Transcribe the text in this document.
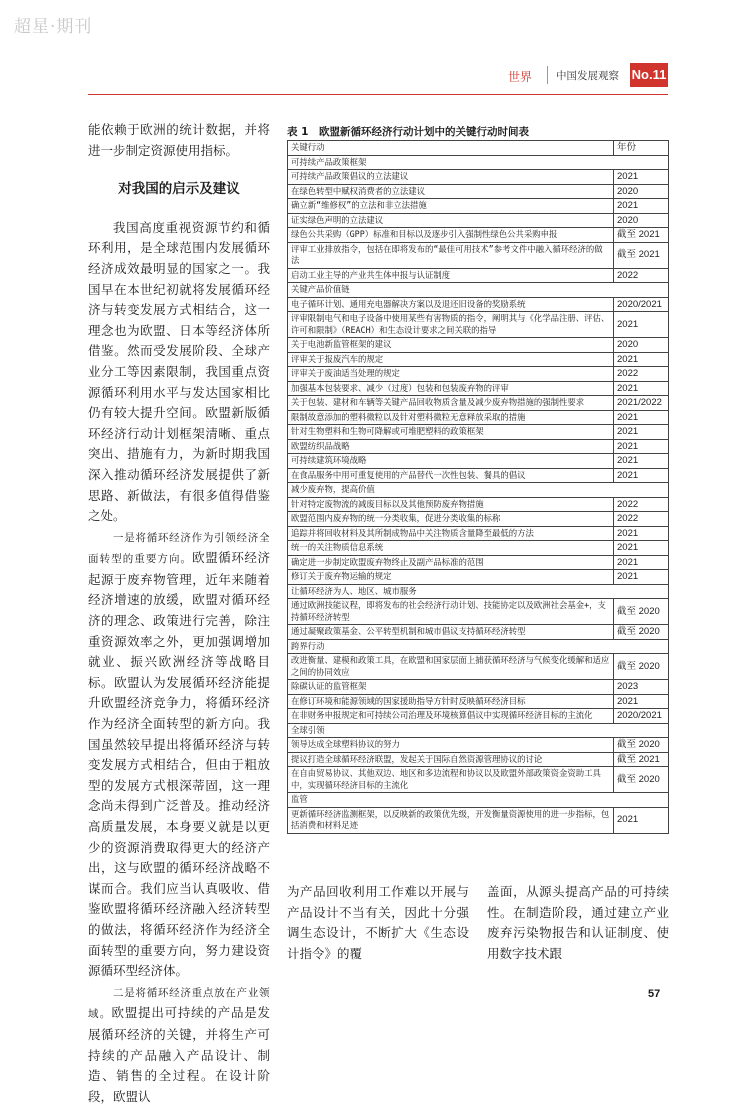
超星·期刊
世界 中国发展观察 No.11

能依赖于欧洲的统计数据，并将进一步制定资源使用指标。

对我国的启示及建议

我国高度重视资源节约和循环利用，是全球范围内发展循环经济成效最明显的国家之一。我国早在本世纪初就将发展循环经济与转变发展方式相结合，这一理念也为欧盟、日本等经济体所借鉴。然而受发展阶段、全球产业分工等因素限制，我国重点资源循环利用水平与发达国家相比仍有较大提升空间。欧盟新版循环经济行动计划框架清晰、重点突出、措施有力，为新时期我国深入推动循环经济发展提供了新思路、新做法，有很多值得借鉴之处。

一是将循环经济作为引领经济全面转型的重要方向。欧盟循环经济起源于废弃物管理，近年来随着经济增速的放缓，欧盟对循环经济的理念、政策进行完善，除注重资源效率之外，更加强调增加就业、振兴欧洲经济等战略目标。欧盟认为发展循环经济能提升欧盟经济竞争力，将循环经济作为经济全面转型的新方向。我国虽然较早提出将循环经济与转变发展方式相结合，但由于粗放型的发展方式根深蒂固，这一理念尚未得到广泛普及。推动经济高质量发展，本身要义就是以更少的资源消费取得更大的经济产出，这与欧盟的循环经济战略不谋而合。我们应当认真吸收、借鉴欧盟将循环经济融入经济转型的做法，将循环经济作为经济全面转型的重要方向，努力建设资源循环型经济体。

二是将循环经济重点放在产业领域。欧盟提出可持续的产品是发展循环经济的关键，并将生产可持续的产品融入产品设计、制造、销售的全过程。在设计阶段，欧盟认

表 1　欧盟新循环经济行动计划中的关键行动时间表
关键行动	年份
可持续产品政策框架	
可持续产品政策倡议的立法建议	2021
在绿色转型中赋权消费者的立法建议	2020
确立新“维修权”的立法和非立法措施	2021
证实绿色声明的立法建议	2020
绿色公共采购（GPP）标准和目标以及逐步引入强制性绿色公共采购申报	截至 2021
评审工业排放指令，包括在即将发布的“最佳可用技术”参考文件中融入循环经济的做法	截至 2021
启动工业主导的产业共生体申报与认证制度	2022
关键产品价值链	
电子循环计划、通用充电器解决方案以及退还旧设备的奖励系统	2020/2021
评审限制电气和电子设备中使用某些有害物质的指令，阐明其与《化学品注册、评估、许可和限制》（REACH）和生态设计要求之间关联的指导	2021
关于电池新监管框架的建议	2020
评审关于报废汽车的规定	2021
评审关于废油适当处理的规定	2022
加强基本包装要求、减少（过度）包装和包装废弃物的评审	2021
关于包装、建材和车辆等关键产品回收物质含量及减少废弃物措施的强制性要求	2021/2022
限制故意添加的塑料微粒以及针对塑料微粒无意释放采取的措施	2021
针对生物塑料和生物可降解或可堆肥塑料的政策框架	2021
欧盟纺织品战略	2021
可持续建筑环境战略	2021
在食品服务中用可重复使用的产品替代一次性包装、餐具的倡议	2021
减少废弃物，提高价值	
针对特定废物流的减废目标以及其他预防废弃物措施	2022
欧盟范围内废弃物的统一分类收集，促进分类收集的标称	2022
追踪并将回收材料及其所制成物品中关注物质含量降至最低的方法	2021
统一的关注物质信息系统	2021
确定进一步制定欧盟废弃物终止及副产品标准的范围	2021
修订关于废弃物运输的规定	2021
让循环经济为人、地区、城市服务	
通过欧洲技能议程，即将发布的社会经济行动计划、技能协定以及欧洲社会基金+，支持循环经济转型	截至 2020
通过凝聚政策基金、公平转型机制和城市倡议支持循环经济转型	截至 2020
跨界行动	
改进衡量、建模和政策工具，在欧盟和国家层面上捕获循环经济与气候变化缓解和适应之间的协同效应	截至 2020
除碳认证的监管框架	2023
在修订环境和能源领域的国家援助指导方针时反映循环经济目标	2021
在非财务申报规定和可持续公司治理及环境核算倡议中实现循环经济目标的主流化	2020/2021
全球引领	
领导达成全球塑料协议的努力	截至 2020
提议打造全球循环经济联盟，发起关于国际自然资源管理协议的讨论	截至 2021
在自由贸易协议、其他双边、地区和多边流程和协议以及欧盟外部政策资金资助工具中，实现循环经济目标的主流化	截至 2020
监管	
更新循环经济监测框架，以反映新的政策优先级，开发衡量资源使用的进一步指标，包括消费和材料足迹	2021

为产品回收利用工作难以开展与产品设计不当有关，因此十分强调生态设计，不断扩大《生态设计指令》的覆

盖面，从源头提高产品的可持续性。在制造阶段，通过建立产业废弃污染物报告和认证制度、使用数字技术跟

57
